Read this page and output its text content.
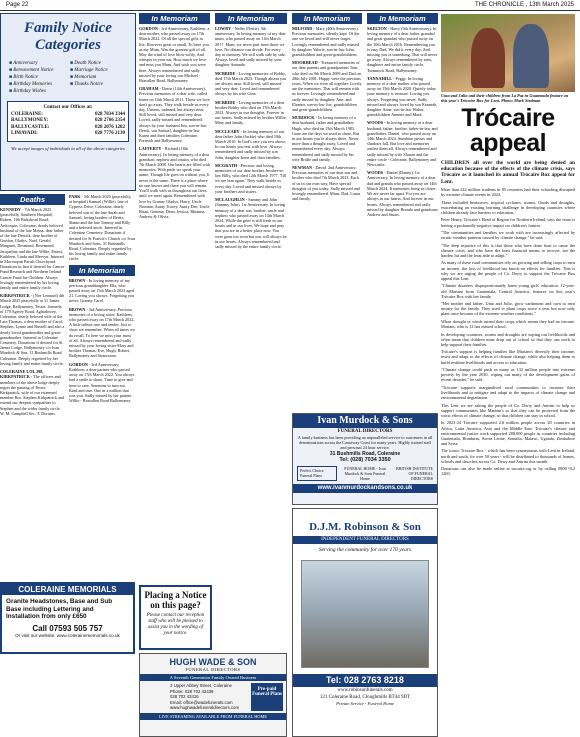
Page 22	THE CHRONICLE , 13th March 2025
Family Notice Categories
■ Anniversary
■ Bereavement Notice
■ Birth Notice
■ Birthday Memories
■ Birthday Wishes
■ Death Notice
■ Marriage Notice
■ Memoriam
■ Thanks Notice
Contact our Offices at:
COLERAINE:	028 7034 3344
BALLYMONEY:	028 2766 2354
BALLYCASTLE:	028 2076 1282
LIMAVADI:	028 7776 2130
We accept images of individuals to all of the above categories
Deaths
KENNEDY - 7th March 2025 (peacefully, Southern Hospital) Robert, 166 Parkshead Road, Ardcospin, Coleraine, dearly beloved husband of the late Meina, dear father of the late Derrick, dear brother of Gordon, Gladys, Noel, Gerald, Margaret, Desmond, Rosemond, Jacqueline and the late Willie, Ernest, Kathleen, Linda and Mervyn. Interred in Macosquin Parish Churchyard. Donations in lieu if desired for Cancer Fund Research and Northern Ireland Cancer Fund for Children. Always lovingly remembered by his loving family and entire family circle.
KIRKPATRICK - (Nee Leonard) 4th March 2025 peacefully at 31 James Lodge, Ballymoney, Tessie, formerly of 170 Agivey Road, Aghadowey, Coleraine, dearly beloved wife of the Late Thomas, a dear mother of Carol, Stephen, Lynne and Russell and also a dearly loved grandmother and great-grandmother. Interred in Coleraine Cemetery. Donations if desired for St James Lodge, Ballymoney c/o Ivan Murdock & Son, 31 Bushmills Road, Coleraine. Deeply regretted by her loving family and entire family circle.
COLERAINE LOL 298, KIRKPATRICK - The officers and members of the above lodge deeply regret the passing of Tessie Kirkpatrick, wife of our esteemed member Bro. Stephen Kirkpatrick and extend our deepest sympathies to Stephen and the wider family circle. W. M. Campbell Sec. T. Dorrans.
PARK - 5th March 2025 (peacefully, at hospital) Samuel (Willie), late of Cypress Drive, Coleraine, dearly beloved son of the late Sarah and Samuel, loving brother of Bertie, Shaun and the late Tommy and Billy and a beloved uncle. Interred in Coleraine Cemetery. Donations if desired for St Patrick's Church c/o Ivan Murdock and Sons, 31 Bushmills Road, Coleraine. Deeply regretted by his loving family and entire family circle.
In Memoriam
BROWN - In loving memory of my precious granddaughter Ella, who passed away on 15th March 2023 aged 21. Loving you always, Forgetting you never. Granny Carol.
BROWN - 3rd Anniversary, Precious memories of a loving sister, Kathleen, who passed away on 17th March 2022. A little tribute true and tender, Just to show we remember. When all times we do recall. To here we miss your most of all. Always remembered and sadly missed by your loving sister Mary and brother Thomas, Eve, Hugh, Robert, Ballymoney and Stranocum.
GORDON - 3rd Anniversary, Kathleen, a dear partner who passed away on 17th March 2022. You always had a smile to share. Time to give and time to care. Someone to turn too. Kind and true. One in a million that was you. Sadly missed by her partner Willie - Bravallen Road Ballymoney.
COLERAINE MEMORIALS
Granite Headstones, Base and Sub Base including Lettering and Installation from only £650
Call 07593 505 757
Or visit our website: www.colerainememorials.co.uk
In Memoriam
GORDON - 3rd Anniversary, Kathleen, a dear mother, who passed away on 17th March 2022. Of all the special gifts in life, However great or small, To have you as my Mum, Was the greatest gift of all. May the wind of love blow softly, And whisper in your ear, How much we love and miss you Mum, And wish you were here. Always remembered and sadly missed by your loving son Michael - Bravallen Road, Ballymoney.
GRAHAM - Dawn (14th Anniversary). Precious memories of a dear wife, called home on 14th March 2011. Those we love don't go away, They walk beside us every day, Unseen, unheard, but always near, Still loved, still missed and very dear. Loved, sadly missed and remembered always by your husband Jim, son-in-law Derek, son Samuel, daughter-in-law Karen and their families Coleraine, Portrush and Ballymoney.
LAFFERTY - Richard (18th Anniversary). In loving memory of a dear grandson, nephew and cousin, who died 7th March 2008. Our hearts are filled with memories, With pride we speak your name, Though life goes on without you, It never is the same. There is a place where no one knows and there you will remain. You'll walk with us throughout our lives, until we meet again. Remembered with love by Granny Gladys, Harry, Uncle Norman, Aunty Tracey, Aunty Dee, Uncle Brian, Gemma, Dean, Jessica, Rhianna, Andrew & Olivia.
Placing a Notice on this page?
Please contact our reception staff who will be pleased to assist you in the wording of your notice.
In Memoriam
LOWRY - Nellie (Nettie). 5th anniversary. In loving memory of my dear mum, who passed away on 11th March 2017. Mum, we never part from those we love, No distance can divide. For every day in memory, We still walk side by side. Always loved and sadly missed by your daughter Amanda.
MCBRIDE - Loving memories of Bobby, died 17th March 2023. Though absent you are always near, Still loved, still missed and very dear. Loved and remembered always by his wife Gina.
MCBRIDE - Loving memories of a dear brother Bobby who died on 17th March 2023. Always in our thoughts, Forever in our hearts. Sadly missed by brother Willie, Mary and family.
MCCLEARY - In loving memory of our dear father John (Jackie) who died 10th March 2010. In God's care you rest above, In our hearts you rest with love. Always remembered and sadly missed by son John, daughter Irene and their families.
MCGRATH - Precious and loving memories of our dear brother, brother-in-law Billy, who died 12th March 1977. 'Till we see him again.' They walk beside us every day. Loved and missed always by your brothers and sisters.
MCLAUGHLIN - Sammy and John (Sammy John). 1st Anniversary. In loving memory of a dear son, brother, uncle and nephew who passed away on 14th March 2024. While the grief is still fresh in our hearts and in our lives, We hope and pray that you are in a better place now. You were gone too soon but you will always be in our hearts. Always remembered and sadly missed by the entire family circle.
HUGH WADE & SON
FUNERAL DIRECTORS
A Seventh Generation Family Owned Business
3 Upper Abbey Street, Coleraine
Phone: 028 702 43438
028 702 43416
Email: office@wadefunerals.com
www.hughwadefuneraldirectors.com
Pre-paid Funeral Plans
LIVE STREAMING AVAILABLE FROM FUNERAL HOME
In Memoriam
MILFORD - Mary (40th Anniversary). Precious memories, silently kept. Of the one we loved and will never forget. Lovingly remembered and sadly missed by daughter Valerie, son-in-law John, grandchildren and great-grandchildren.
MOORHEAD - Treasured memories of our dear parents and grandparents Tom, who died on 9th March 2009 and Dad on 28th July 2001. Happy were the precious years, When we were all together. Lovely are the memories, That will remain with us forever. Lovingly remembered and sadly missed by daughter, Ann, and Eleanor, son-in-law Joe, grandchildren and great-grandchildren.
MURDOCK - In loving memory of a dear husband, father and grandfather, Hugh, who died on 15th March 1983. Gone are the days we used to share, But in our hearts you're always there. Never more than a thought away, Loved and remembered every day. Always remembered and sadly missed by his wife Bridie and family.
NEWMAN - David. 2nd Anniversary. Precious memories of our dear son and brother who died 7th March 2023. Each of us in our own way, Have special thoughts of you today. Sadly missed and lovingly remembered. Mum, Dad, Laura and family.
In Memoriam
SKELTON - Harry (9th Anniversary). In loving memory of a dear father, grandad and great-grandad who passed away on the 10th March 2016. Remembering you is easy Dad, We did it every day, And missing you is something, That will never go away. Always remembered by sons, daughters and entire family circle, Turnmock Road, Ballymoney.
TANNAHILL - Peggy. In loving memory of a dear mother who passed away on 15th March 2020. Quietly today your memory is treasure. Loving you always, Forgetting you never. Sadly missed and always loved by son Kenneth, daughter Anne, son-in-law Walter, grandchildren Annette and Mark.
WOODS - In loving memory of a dear husband, father, brother, father-in-law and grandfather, Daniel, who passed away on 14th March 2024. Sunshine passes and shadows fall, But love and memories outlast them all. Always remembered and sadly missed by wife Sharon and the entire circle - Coleraine, Ballymoney and Newcastle.
WOODS - Daniel (Danny). 1st Anniversary. In loving memory of a dear dad and granda who passed away on 14th March 2024. If memories bring us closer, We are never far apart. For you are always in our hearts, And forever in our hearts. Always remembered and sadly missed by daughter Brenda and grandsons Andrew and Stuart.
Ivan Murdock & Sons
FUNERAL DIRECTORS
A family business has been providing an unparalleled service to customers in all denominations across the Causeway Coast for many years. Highly trained staff and personal 24 hour service.
31 Bushmills Road, Coleraine
Tel: (028) 7034 3350
Perfect Choice Funeral Plans
FUNERAL HOME - Ivan Murdock & Sons Funeral Home
BRITISH INSTITUTE OF FUNERAL DIRECTORS
www.ivanmurdockandsons.co.uk
D.J.M. Robinson & Son
INDEPENDENT FUNERAL DIRECTORS
Serving the community for over 170 years
Tel: 028 2763 8218
www.robinsonfunerals.com
121 Coleraine Road, Cloughmills BT44 9DT
Private Service - Funeral Home
Uma and Julia and their children from La Paz in Guatemala feature on this year's Trócaire Box for Lent. Photo: Mark Stedman
Trócaire appeal

CHILDREN all over the world are being denied an education because of the effects of the climate crisis, says Trócaire as it launched its annual Trócaire Box appeal for Lent.

More than 242 million students in 85 countries had their schooling disrupted by extreme climate events in 2024.

These included heatwaves, tropical cyclones, storms, floods and droughts, exacerbating an existing learning challenge in developing countries where children already face barriers to education.

Peter Henry, Trócaire's Head of Region for Northern Ireland, says the issue is having a profoundly negative impact on children's futures.

"The communities and families we work with are increasingly affected by erratic weather patterns caused by climate change," he said.

"The deep injustice of this is that those who have done least to cause the climate crisis, and who have the least financial means to recover, are the hardest hit and the least able to adapt."

As many of these rural communities rely on growing and selling crops to earn an income, the loss of livelihood has knock-on effects for families. This is why we are urging the people of Co. Derry to support the Trócaire Box appeal this Lent.

"Climate disasters disproportionately harm young girls' education. 12-year-old Mariam from Guatemala, Central America, features on this year's Trócaire Box with her family.

"Her mother and father, Uma and Julio, grow cardamom and corn to earn money for the family. They used to plant crops twice a year but now only plant once because of the extreme weather conditions."

When drought or winds ruined their crops which meant they had no income. Mariam, who is 12 has missed school.

In developing countries, storms and droughts are wiping out livelihoods and often mean that children must drop out of school so that they can work to help support their families.

Trócaire's support is helping families like Mariam's diversify their income, resist and adapt to the effects of climate change, while also helping them to build resilient livelihoods and access to education.

"Climate change could push as many as 132 million people into extreme poverty by the year 2030, wiping out many of the development gains of recent decades," he said.

"Trócaire supports marginalised rural communities to increase their livelihoods and to mitigate and adapt to the impacts of climate change and environmental degradation.

This Lent we are asking the people of Co. Derry and Antrim to help us support communities like Mariam's so that they can be protected from the worst effects of climate change, so that children can stay in school.

In 2023-24 Trócaire supported 2.6 million people across 20 countries in Africa, Latin America, Asia and the Middle East. Trócaire's climate and environmental justice work supported 288,000 people in countries including Guatemala, Honduras, Sierra Leone, Somalia, Malawi, Uganda, Zimbabwe and Syria.

The iconic Trócaire Box - which has been synonymous with Lent in Ireland, north and south, for over 50 years - will be distributed to thousands of homes, schools and churches across Co. Derry and Antrim this month.

Donations can also be made online at trocaire.org or by calling 0800 912 1200.
